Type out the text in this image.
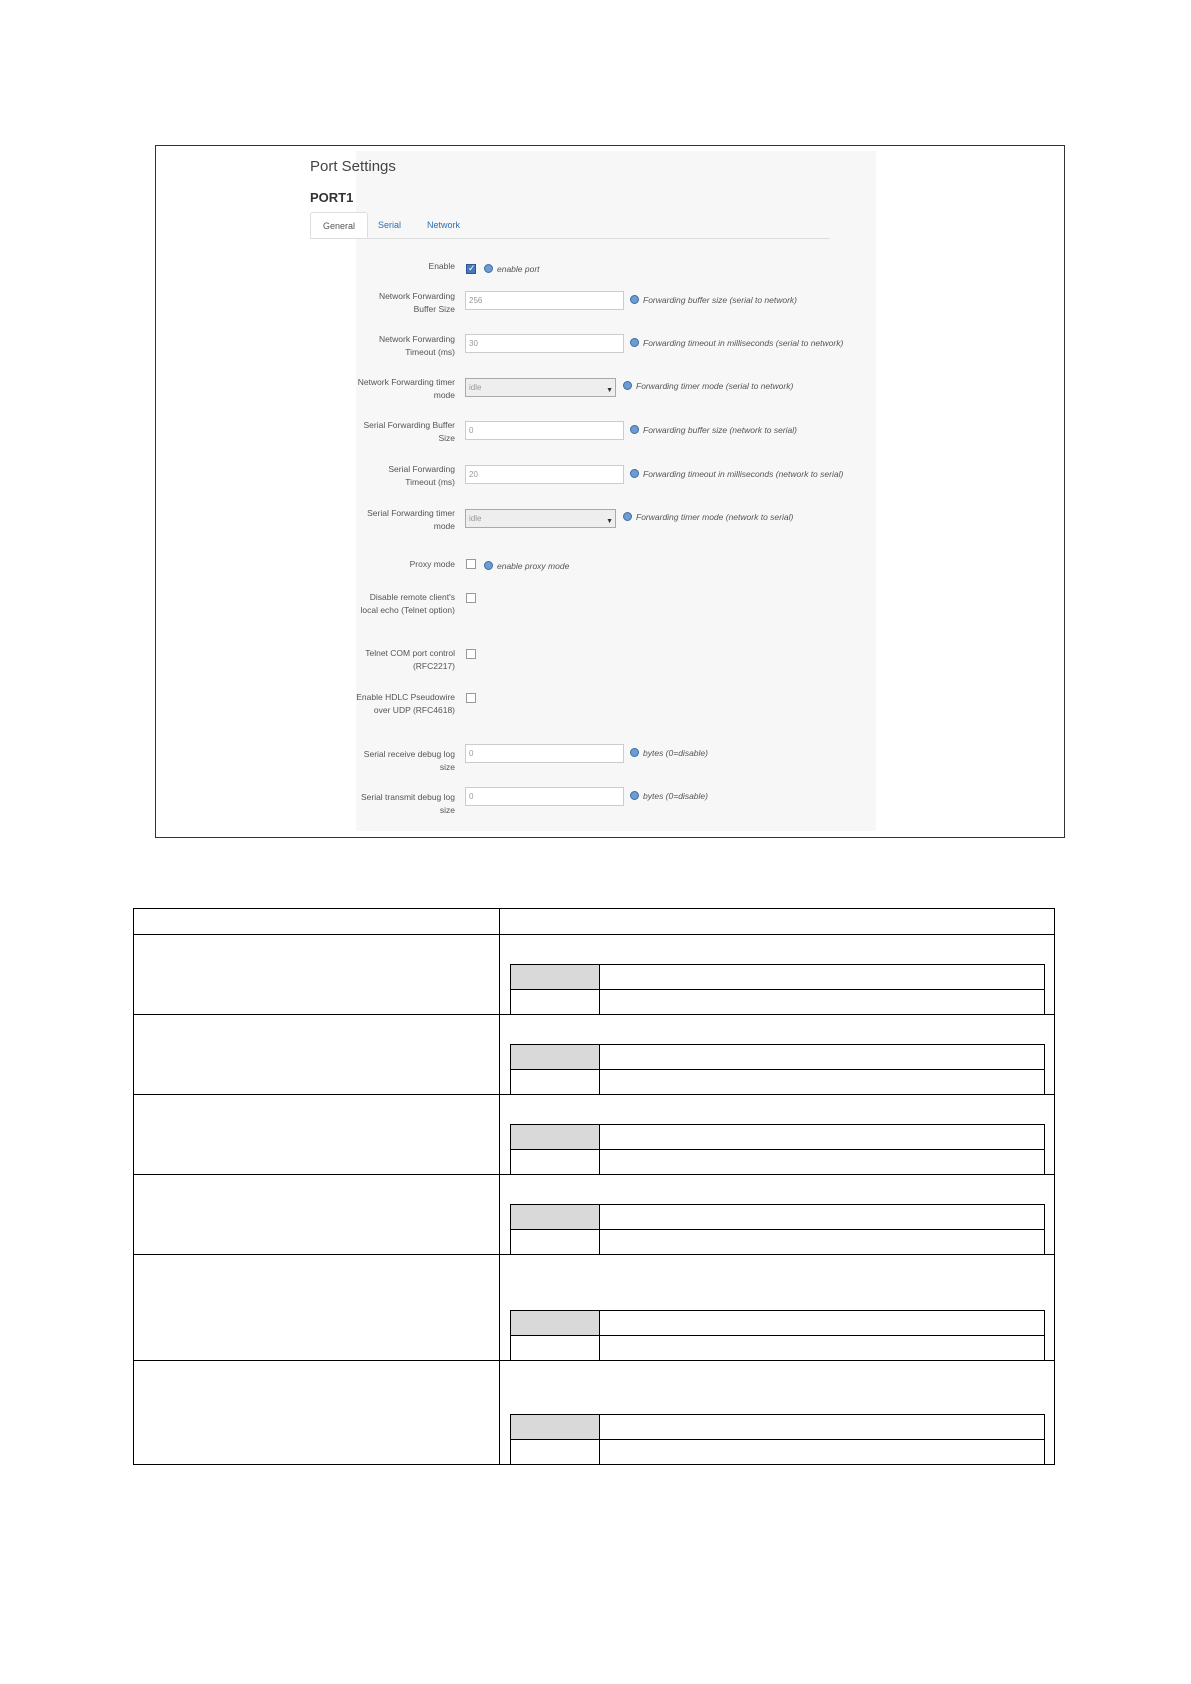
Port Settings
PORT1
General	Serial	Network
Enable
✓	enable port
Network Forwarding Buffer Size
256	Forwarding buffer size (serial to network)
Network Forwarding Timeout (ms)
30	Forwarding timeout in milliseconds (serial to network)
Network Forwarding timer mode
idle	▼	Forwarding timer mode (serial to network)
Serial Forwarding Buffer Size
0	Forwarding buffer size (network to serial)
Serial Forwarding Timeout (ms)
20	Forwarding timeout in milliseconds (network to serial)
Serial Forwarding timer mode
idle	▼	Forwarding timer mode (network to serial)
Proxy mode	enable proxy mode
Disable remote client's local echo (Telnet option)
Telnet COM port control (RFC2217)
Enable HDLC Pseudowire over UDP (RFC4618)
Serial receive debug log size
0	bytes (0=disable)
Serial transmit debug log size
0	bytes (0=disable)
